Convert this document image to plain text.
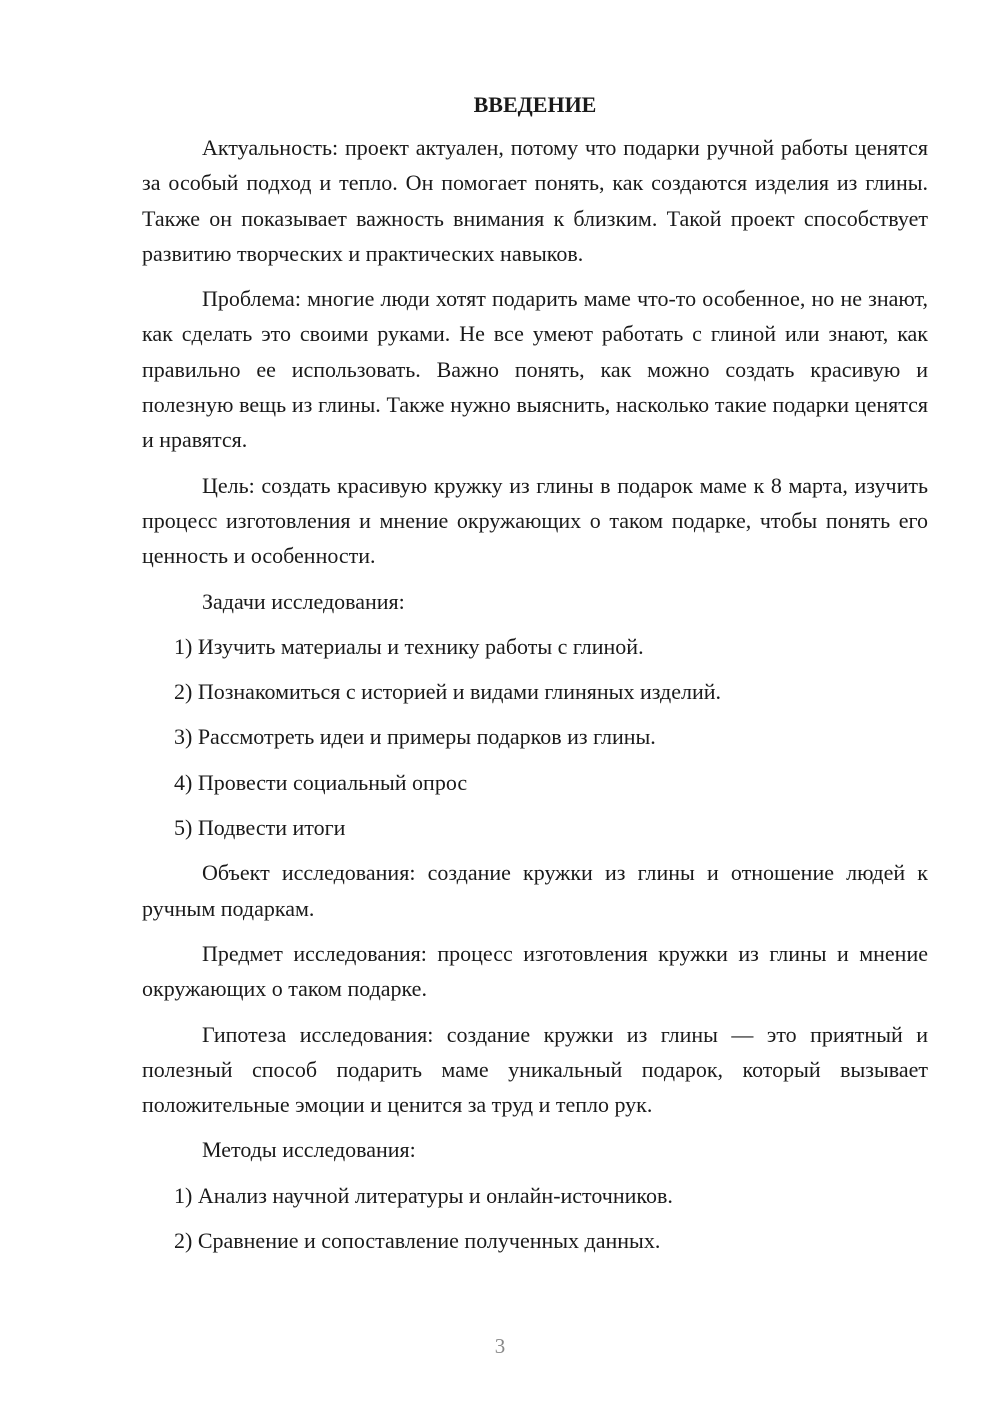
ВВЕДЕНИЕ

Актуальность: проект актуален, потому что подарки ручной работы ценятся за особый подход и тепло. Он помогает понять, как создаются изделия из глины. Также он показывает важность внимания к близким. Такой проект способствует развитию творческих и практических навыков.

Проблема: многие люди хотят подарить маме что-то особенное, но не знают, как сделать это своими руками. Не все умеют работать с глиной или знают, как правильно ее использовать. Важно понять, как можно создать красивую и полезную вещь из глины. Также нужно выяснить, насколько такие подарки ценятся и нравятся.

Цель: создать красивую кружку из глины в подарок маме к 8 марта, изучить процесс изготовления и мнение окружающих о таком подарке, чтобы понять его ценность и особенности.

Задачи исследования:

1) Изучить материалы и технику работы с глиной.

2) Познакомиться с историей и видами глиняных изделий.

3) Рассмотреть идеи и примеры подарков из глины.

4) Провести социальный опрос

5) Подвести итоги

Объект исследования: создание кружки из глины и отношение людей к ручным подаркам.

Предмет исследования: процесс изготовления кружки из глины и мнение окружающих о таком подарке.

Гипотеза исследования: создание кружки из глины — это приятный и полезный способ подарить маме уникальный подарок, который вызывает положительные эмоции и ценится за труд и тепло рук.

Методы исследования:

1) Анализ научной литературы и онлайн-источников.

2) Сравнение и сопоставление полученных данных.

3
